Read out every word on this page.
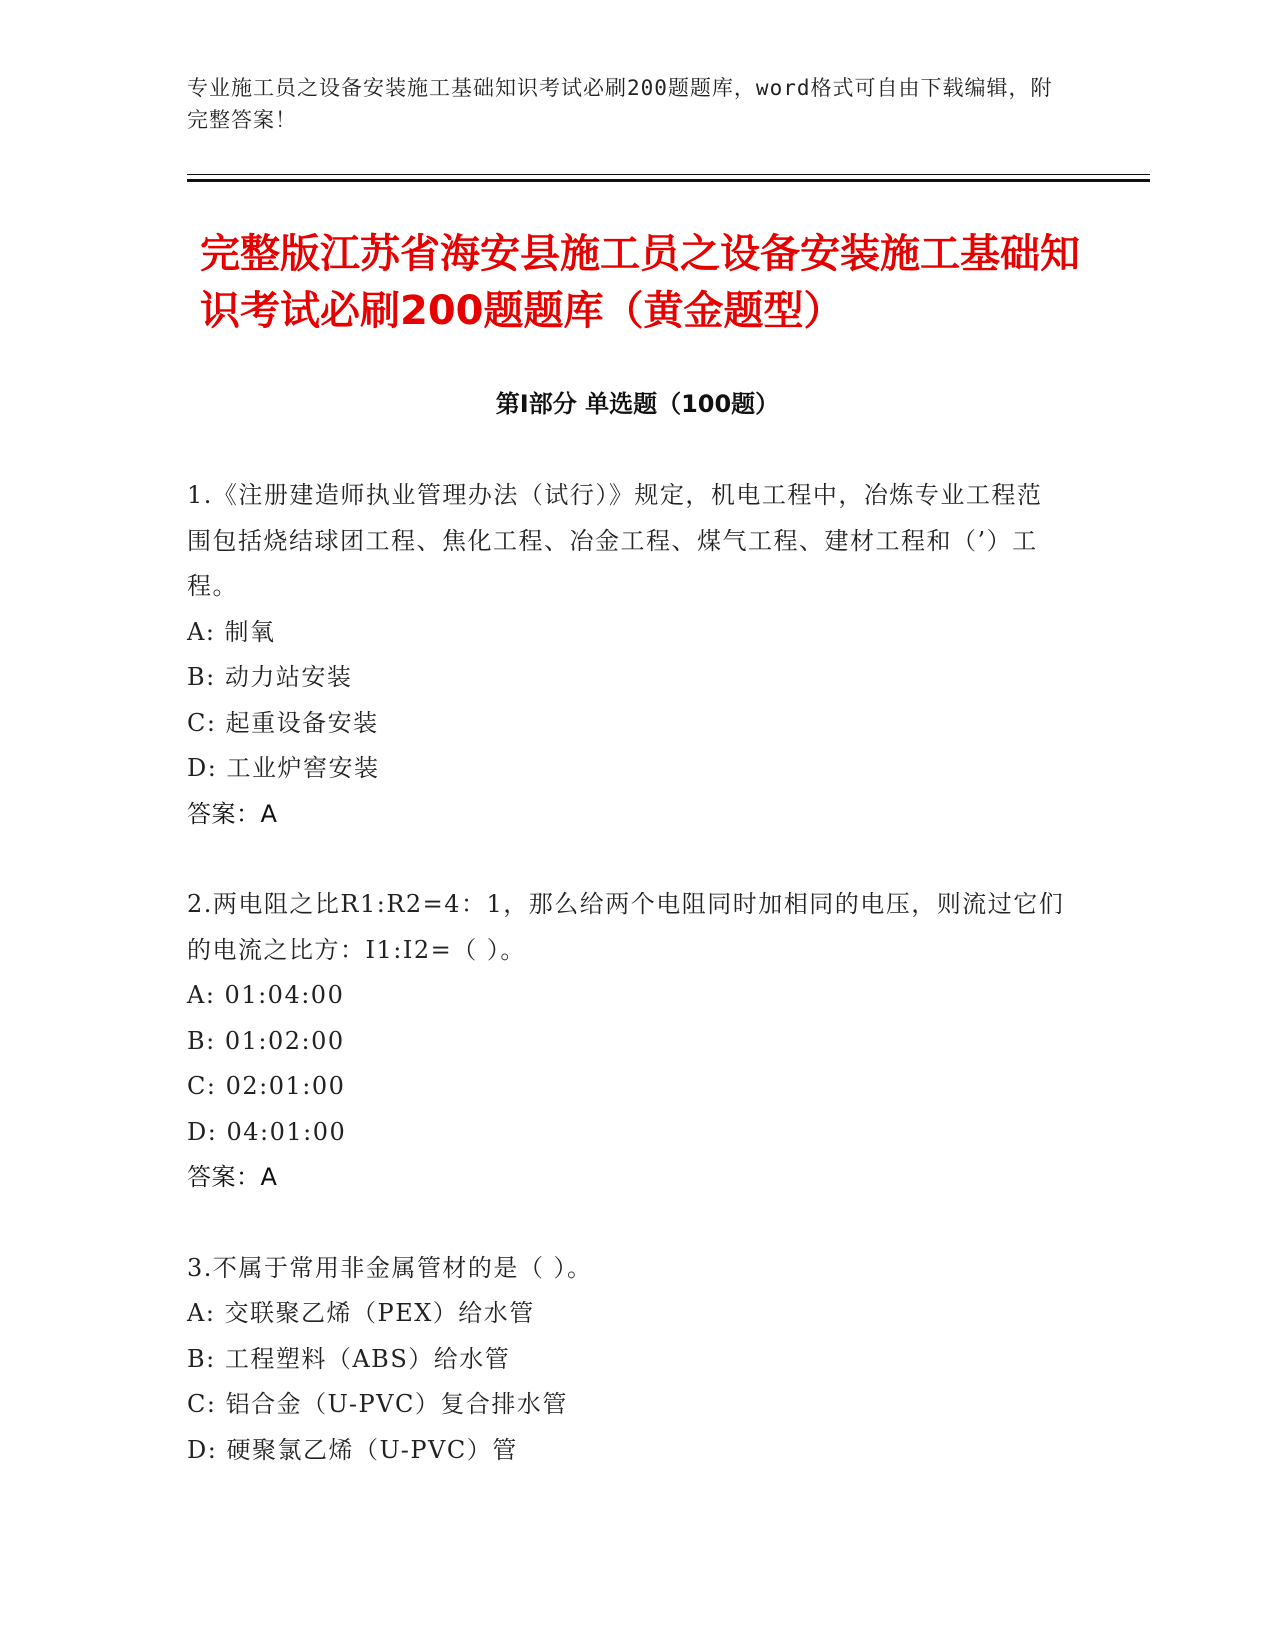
专业施工员之设备安装施工基础知识考试必刷200题题库，word格式可自由下载编辑，附完整答案！
完整版江苏省海安县施工员之设备安装施工基础知识考试必刷200题题库（黄金题型）
第Ⅰ部分 单选题（100题）

1.《注册建造师执业管理办法（试行）》规定，机电工程中，冶炼专业工程范围包括烧结球团工程、焦化工程、冶金工程、煤气工程、建材工程和（’）工程。

A: 制氧

B: 动力站安装

C: 起重设备安装

D: 工业炉窖安装

答案：A

2.两电阻之比R1:R2=4：1，那么给两个电阻同时加相同的电压，则流过它们的电流之比方：I1:I2=（ ）。

A: 01:04:00

B: 01:02:00

C: 02:01:00

D: 04:01:00

答案：A

3.不属于常用非金属管材的是（ ）。

A: 交联聚乙烯（PEX）给水管

B: 工程塑料（ABS）给水管

C: 铝合金（U-PVC）复合排水管

D: 硬聚氯乙烯（U-PVC）管
